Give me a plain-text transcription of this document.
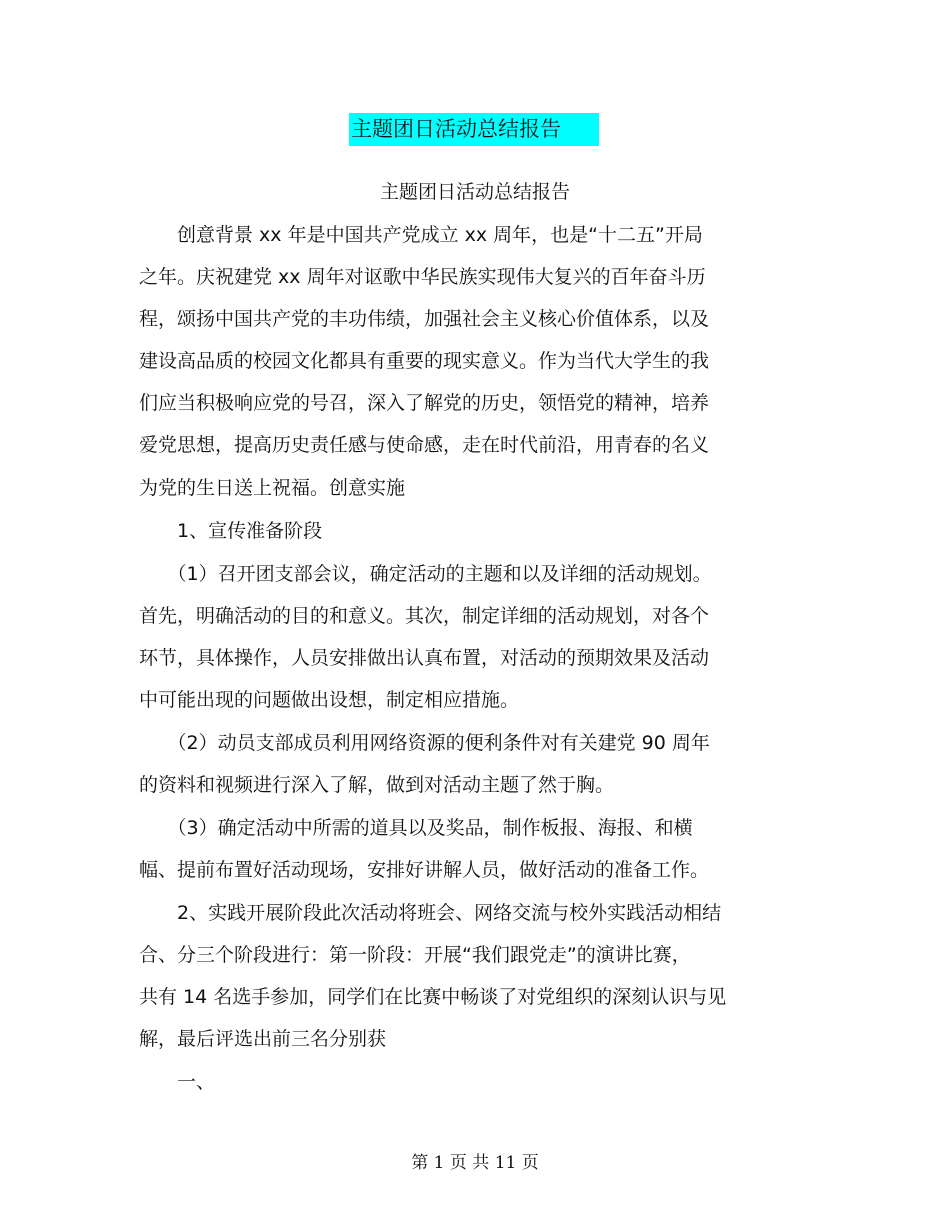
主题团日活动总结报告
主题团日活动总结报告
　　创意背景 xx 年是中国共产党成立 xx 周年，也是“十二五”开局
之年。庆祝建党 xx 周年对讴歌中华民族实现伟大复兴的百年奋斗历
程，颂扬中国共产党的丰功伟绩，加强社会主义核心价值体系，以及
建设高品质的校园文化都具有重要的现实意义。作为当代大学生的我
们应当积极响应党的号召，深入了解党的历史，领悟党的精神，培养
爱党思想，提高历史责任感与使命感，走在时代前沿，用青春的名义
为党的生日送上祝福。创意实施
　　1、宣传准备阶段
　　（1）召开团支部会议，确定活动的主题和以及详细的活动规划。
首先，明确活动的目的和意义。其次，制定详细的活动规划，对各个
环节，具体操作，人员安排做出认真布置，对活动的预期效果及活动
中可能出现的问题做出设想，制定相应措施。
　　（2）动员支部成员利用网络资源的便利条件对有关建党 90 周年
的资料和视频进行深入了解，做到对活动主题了然于胸。
　　（3）确定活动中所需的道具以及奖品，制作板报、海报、和横
幅、提前布置好活动现场，安排好讲解人员，做好活动的准备工作。
　　2、实践开展阶段此次活动将班会、网络交流与校外实践活动相结
合、分三个阶段进行：第一阶段：开展“我们跟党走”的演讲比赛，
共有 14 名选手参加，同学们在比赛中畅谈了对党组织的深刻认识与见
解，最后评选出前三名分别获
　　一、
第 1 页 共 11 页
